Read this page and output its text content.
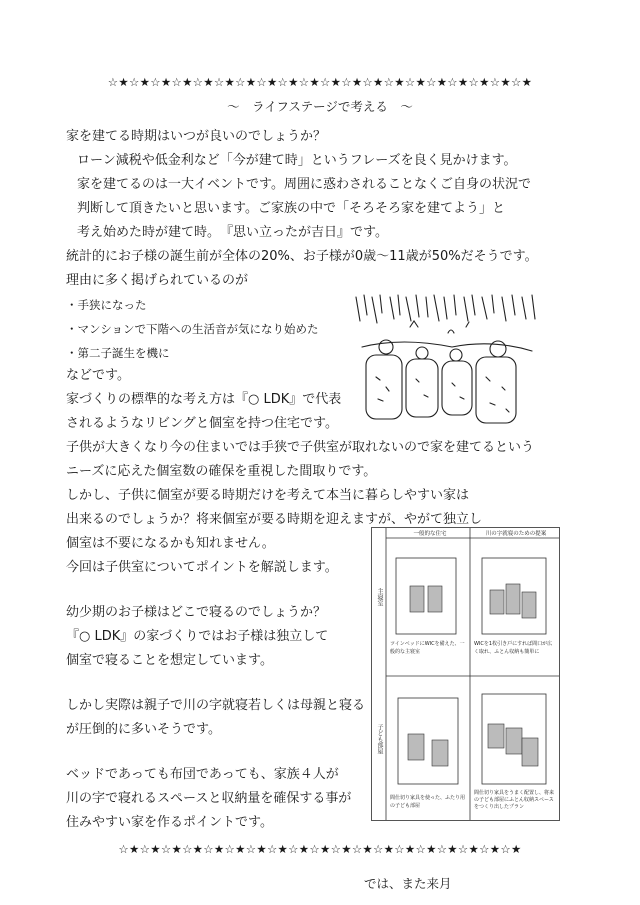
☆★☆★☆★☆★☆★☆★☆★☆★☆★☆★☆★☆★☆★☆★☆★☆★☆★☆★☆★☆★
～　ライフステージで考える　～
家を建てる時期はいつが良いのでしょうか？
ローン減税や低金利など「今が建て時」というフレーズを良く見かけます。
家を建てるのは一大イベントです。周囲に惑わされることなくご自身の状況で
判断して頂きたいと思います。ご家族の中で「そろそろ家を建てよう」と
考え始めた時が建て時。　『思い立ったが吉日』です。
統計的にお子様の誕生前が全体の20%、お子様が0歳～11歳が50%だそうです。
理由に多く掲げられているのが
・手狭になった
・マンションで下階への生活音が気になり始めた
・第二子誕生を機に
などです。
家づくりの標準的な考え方は『○ LDK』で代表
されるようなリビングと個室を持つ住宅です。
子供が大きくなり今の住まいでは手狭で子供室が取れないので家を建てるという
ニーズに応えた個室数の確保を重視した間取りです。
しかし、子供に個室が要る時期だけを考えて本当に暮らしやすい家は
出来るのでしょうか？将来個室が要る時期を迎えますが、やがて独立し
個室は不要になるかも知れません。
今回は子供室についてポイントを解説します。
幼少期のお子様はどこで寝るのでしょうか？
『○ LDK』の家づくりではお子様は独立して
個室で寝ることを想定しています。
しかし実際は親子で川の字就寝若しくは母親と寝る
が圧倒的に多いそうです。
ベッドであっても布団であっても、家族４人が
川の字で寝れるスペースと収納量を確保する事が
住みやすい家を作るポイントです。
一般的な住宅	川の字就寝のための提案
主寝室
子ども部屋
ツインベッドにWICを備えた、一般的な主寝室
WICを1枚引き戸にすれば間口が広く取れ、ふとん収納も簡単に
間仕切り家具を使った、ふたり用の子ども部屋
間仕切り家具をうまく配置し、将来の子ども部屋にふとん収納スペースをつくり出したプラン
☆★☆★☆★☆★☆★☆★☆★☆★☆★☆★☆★☆★☆★☆★☆★☆★☆★☆★☆★
では、また来月
